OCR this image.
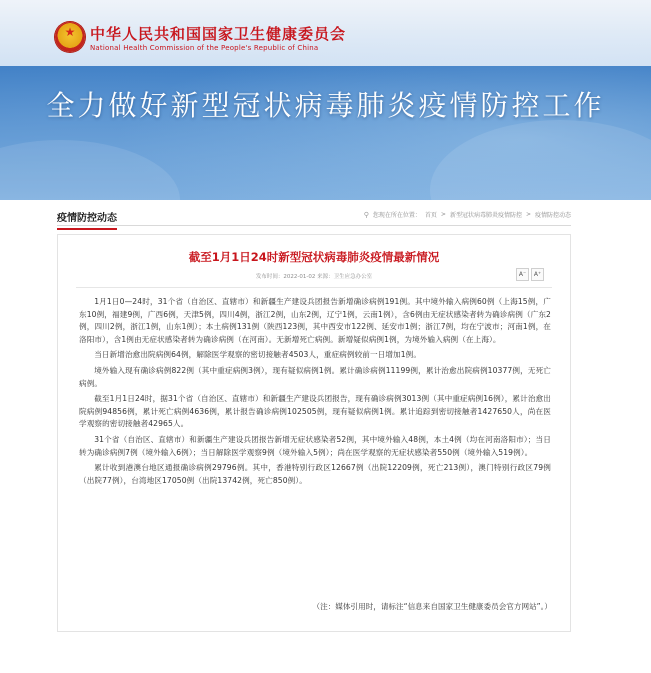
★ 中华人民共和国国家卫生健康委员会
National Health Commission of the People's Republic of China
全力做好新型冠状病毒肺炎疫情防控工作
疫情防控动态	⚲ 您现在所在位置： 首页 > 新型冠状病毒肺炎疫情防控 > 疫情防控动态
截至1月1日24时新型冠状病毒肺炎疫情最新情况
发布时间：2022-01-02 来源：卫生应急办公室	A⁻	A⁺

1月1日0—24时，31个省（自治区、直辖市）和新疆生产建设兵团报告新增确诊病例191例。其中境外输入病例60例（上海15例，广东10例，福建9例，广西6例，天津5例，四川4例，浙江2例，山东2例，辽宁1例，云南1例），含6例由无症状感染者转为确诊病例（广东2例，四川2例，浙江1例，山东1例）；本土病例131例（陕西123例，其中西安市122例、延安市1例；浙江7例，均在宁波市；河南1例，在洛阳市），含1例由无症状感染者转为确诊病例（在河南）。无新增死亡病例。新增疑似病例1例，为境外输入病例（在上海）。

当日新增治愈出院病例64例，解除医学观察的密切接触者4503人，重症病例较前一日增加1例。

境外输入现有确诊病例822例（其中重症病例3例），现有疑似病例1例。累计确诊病例11199例，累计治愈出院病例10377例，无死亡病例。

截至1月1日24时，据31个省（自治区、直辖市）和新疆生产建设兵团报告，现有确诊病例3013例（其中重症病例16例），累计治愈出院病例94856例，累计死亡病例4636例，累计报告确诊病例102505例，现有疑似病例1例。累计追踪到密切接触者1427650人，尚在医学观察的密切接触者42965人。

31个省（自治区、直辖市）和新疆生产建设兵团报告新增无症状感染者52例，其中境外输入48例，本土4例（均在河南洛阳市）；当日转为确诊病例7例（境外输入6例）；当日解除医学观察9例（境外输入5例）；尚在医学观察的无症状感染者550例（境外输入519例）。

累计收到港澳台地区通报确诊病例29796例。其中，香港特别行政区12667例（出院12209例，死亡213例），澳门特别行政区79例（出院77例），台湾地区17050例（出院13742例，死亡850例）。

（注：媒体引用时，请标注“信息来自国家卫生健康委员会官方网站”。）
